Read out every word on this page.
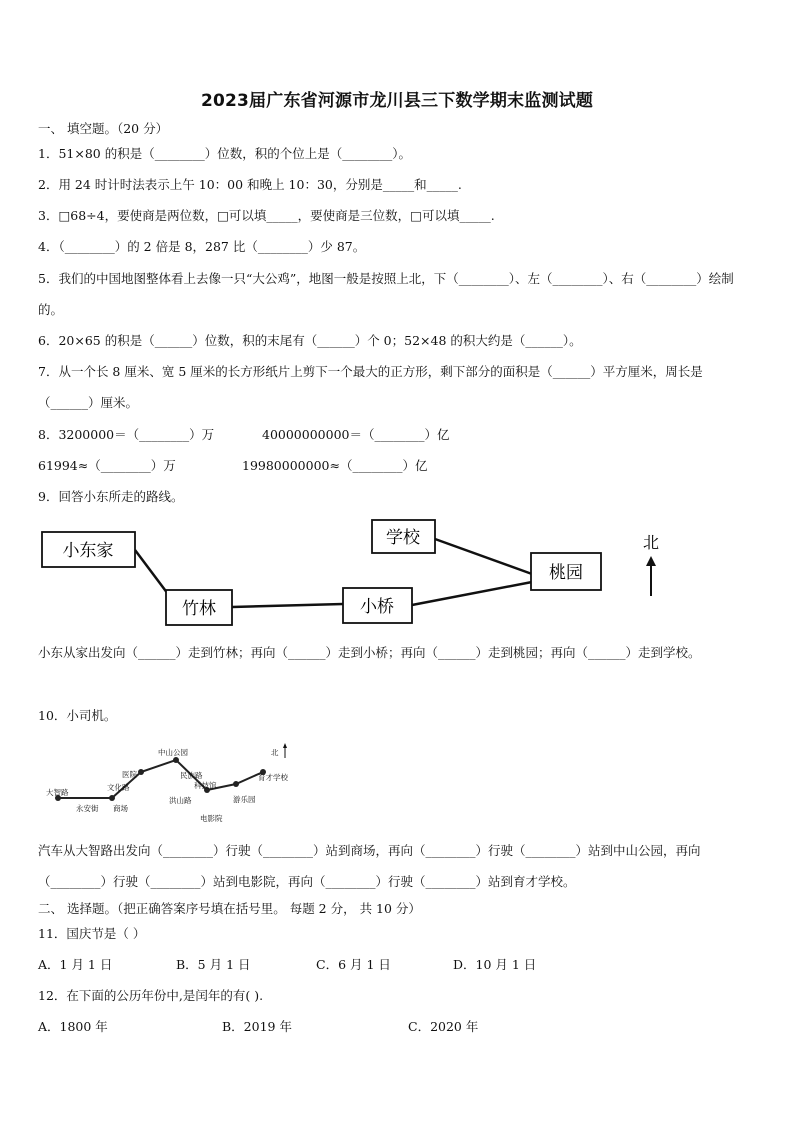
2023届广东省河源市龙川县三下数学期末监测试题
一、 填空题。（20 分）
1．51×80 的积是（________）位数，积的个位上是（________）。
2．用 24 时计时法表示上午 10：00 和晚上 10：30，分别是_____和_____.
3．□68÷4，要使商是两位数，□可以填_____，要使商是三位数，□可以填_____.
4．（________）的 2 倍是 8，287 比（________）少 87。
5．我们的中国地图整体看上去像一只“大公鸡”，地图一般是按照上北，下（________）、左（________）、右（________）绘制的。
6．20×65 的积是（______）位数，积的末尾有（______）个 0；52×48 的积大约是（______）。
7．从一个长 8 厘米、宽 5 厘米的长方形纸片上剪下一个最大的正方形，剩下部分的面积是（______）平方厘米，周长是（______）厘米。
8．3200000＝（________）万	40000000000＝（________）亿
61994≈（________）万	19980000000≈（________）亿
9．回答小东所走的路线。
小东家
竹林	小桥
学校
桃园
北
小东从家出发向（______）走到竹林；再向（______）走到小桥；再向（______）走到桃园；再向（______）走到学校。
10．小司机。
大智路
永安街 商场
文化路
医院
中山公园
民族路
科技馆
洪山路
电影院
游乐园
育才学校
北
汽车从大智路出发向（________）行驶（________）站到商场，再向（________）行驶（________）站到中山公园，再向（________）行驶（________）站到电影院，再向（________）行驶（________）站到育才学校。
二、 选择题。（把正确答案序号填在括号里。 每题 2 分， 共 10 分）
11．国庆节是（ ）
A．1 月 1 日	B．5 月 1 日	C．6 月 1 日	D．10 月 1 日
12．在下面的公历年份中,是闰年的有( ).
A．1800 年	B．2019 年	C．2020 年
